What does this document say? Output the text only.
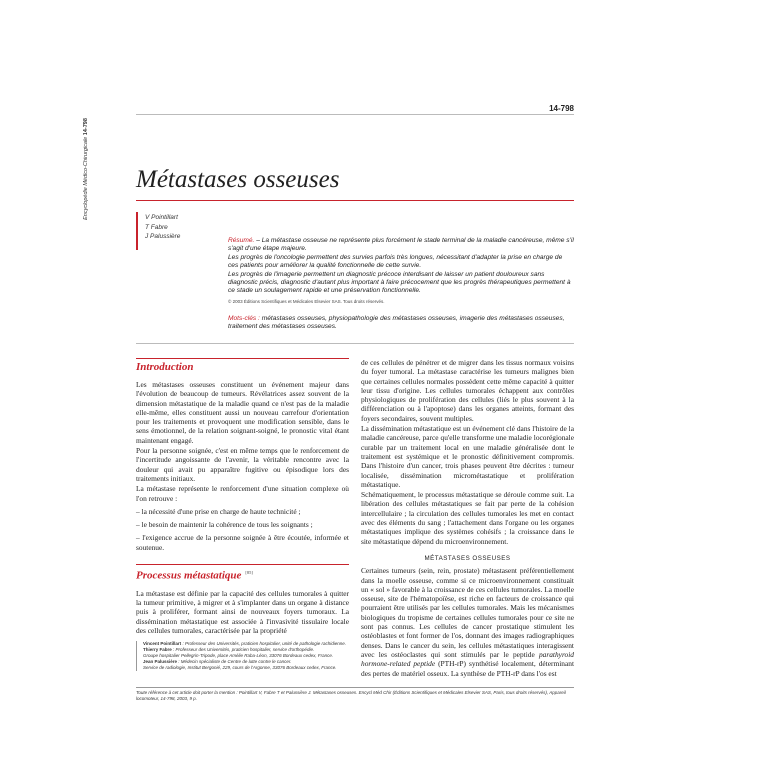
Encyclopédie Médico-Chirurgicale 14-798
14-798
Métastases osseuses
V Pointillart
T Fabre
J Palussière
Résumé. – La métastase osseuse ne représente plus forcément le stade terminal de la maladie cancéreuse, même s'il s'agit d'une étape majeure.
Les progrès de l'oncologie permettent des survies parfois très longues, nécessitant d'adapter la prise en charge de ces patients pour améliorer la qualité fonctionnelle de cette survie.
Les progrès de l'imagerie permettent un diagnostic précoce interdisant de laisser un patient douloureux sans diagnostic précis, diagnostic d'autant plus important à faire précocement que les progrès thérapeutiques permettent à ce stade un soulagement rapide et une préservation fonctionnelle.
© 2003 Éditions Scientifiques et Médicales Elsevier SAS. Tous droits réservés.
Mots-clés : métastases osseuses, physiopathologie des métastases osseuses, imagerie des métastases osseuses, traitement des métastases osseuses.
Introduction

Les métastases osseuses constituent un événement majeur dans l'évolution de beaucoup de tumeurs. Révélatrices assez souvent de la dimension métastatique de la maladie quand ce n'est pas de la maladie elle-même, elles constituent aussi un nouveau carrefour d'orientation pour les traitements et provoquent une modification sensible, dans le sens émotionnel, de la relation soignant-soigné, le pronostic vital étant maintenant engagé.

Pour la personne soignée, c'est en même temps que le renforcement de l'incertitude angoissante de l'avenir, la véritable rencontre avec la douleur qui avait pu apparaître fugitive ou épisodique lors des traitements initiaux.

La métastase représente le renforcement d'une situation complexe où l'on retrouve :

– la nécessité d'une prise en charge de haute technicité ;

– le besoin de maintenir la cohérence de tous les soignants ;

– l'exigence accrue de la personne soignée à être écoutée, informée et soutenue.

Processus métastatique [85]

La métastase est définie par la capacité des cellules tumorales à quitter la tumeur primitive, à migrer et à s'implanter dans un organe à distance puis à proliférer, formant ainsi de nouveaux foyers tumoraux. La dissémination métastatique est associée à l'invasivité tissulaire locale des cellules tumorales, caractérisée par la propriété

de ces cellules de pénétrer et de migrer dans les tissus normaux voisins du foyer tumoral. La métastase caractérise les tumeurs malignes bien que certaines cellules normales possèdent cette même capacité à quitter leur tissu d'origine. Les cellules tumorales échappent aux contrôles physiologiques de prolifération des cellules (liés le plus souvent à la différenciation ou à l'apoptose) dans les organes atteints, formant des foyers secondaires, souvent multiples.

La dissémination métastatique est un événement clé dans l'histoire de la maladie cancéreuse, parce qu'elle transforme une maladie locorégionale curable par un traitement local en une maladie généralisée dont le traitement est systémique et le pronostic définitivement compromis. Dans l'histoire d'un cancer, trois phases peuvent être décrites : tumeur localisée, dissémination micrométastatique et prolifération métastatique.

Schématiquement, le processus métastatique se déroule comme suit. La libération des cellules métastatiques se fait par perte de la cohésion intercellulaire ; la circulation des cellules tumorales les met en contact avec des éléments du sang ; l'attachement dans l'organe ou les organes métastatiques implique des systèmes cohésifs ; la croissance dans le site métastatique dépend du microenvironnement.

MÉTASTASES OSSEUSES

Certaines tumeurs (sein, rein, prostate) métastasent préférentiellement dans la moelle osseuse, comme si ce microenvironnement constituait un « sol » favorable à la croissance de ces cellules tumorales. La moelle osseuse, site de l'hématopoïèse, est riche en facteurs de croissance qui pourraient être utilisés par les cellules tumorales. Mais les mécanismes biologiques du tropisme de certaines cellules tumorales pour ce site ne sont pas connus. Les cellules de cancer prostatique stimulent les ostéoblastes et font former de l'os, donnant des images radiographiques denses. Dans le cancer du sein, les cellules métastatiques interagissent avec les ostéoclastes qui sont stimulés par le peptide parathyroid hormone-related peptide (PTH-rP) synthétisé localement, déterminant des pertes de matériel osseux. La synthèse de PTH-rP dans l'os est

Vincent Pointillart : Professeur des Universités, praticien hospitalier, unité de pathologie rachidienne.
Thierry Fabre : Professeur des Universités, praticien hospitalier, service d'orthopédie.
Groupe hospitalier Pellegrin-Tripode, place Amélie Raba-Léon, 33076 Bordeaux cedex, France.
Jean Palussière : Médecin spécialiste de Centre de lutte contre le cancer.
Service de radiologie, Institut Bergonié, 229, cours de l'Argonne, 33076 Bordeaux cedex, France.
Toute référence à cet article doit porter la mention : Pointillart V, Fabre T et Palussière J. Métastases osseuses. Encycl Méd Chir (Éditions Scientifiques et Médicales Elsevier SAS, Paris, tous droits réservés), Appareil locomoteur, 14-798, 2003, 9 p.
